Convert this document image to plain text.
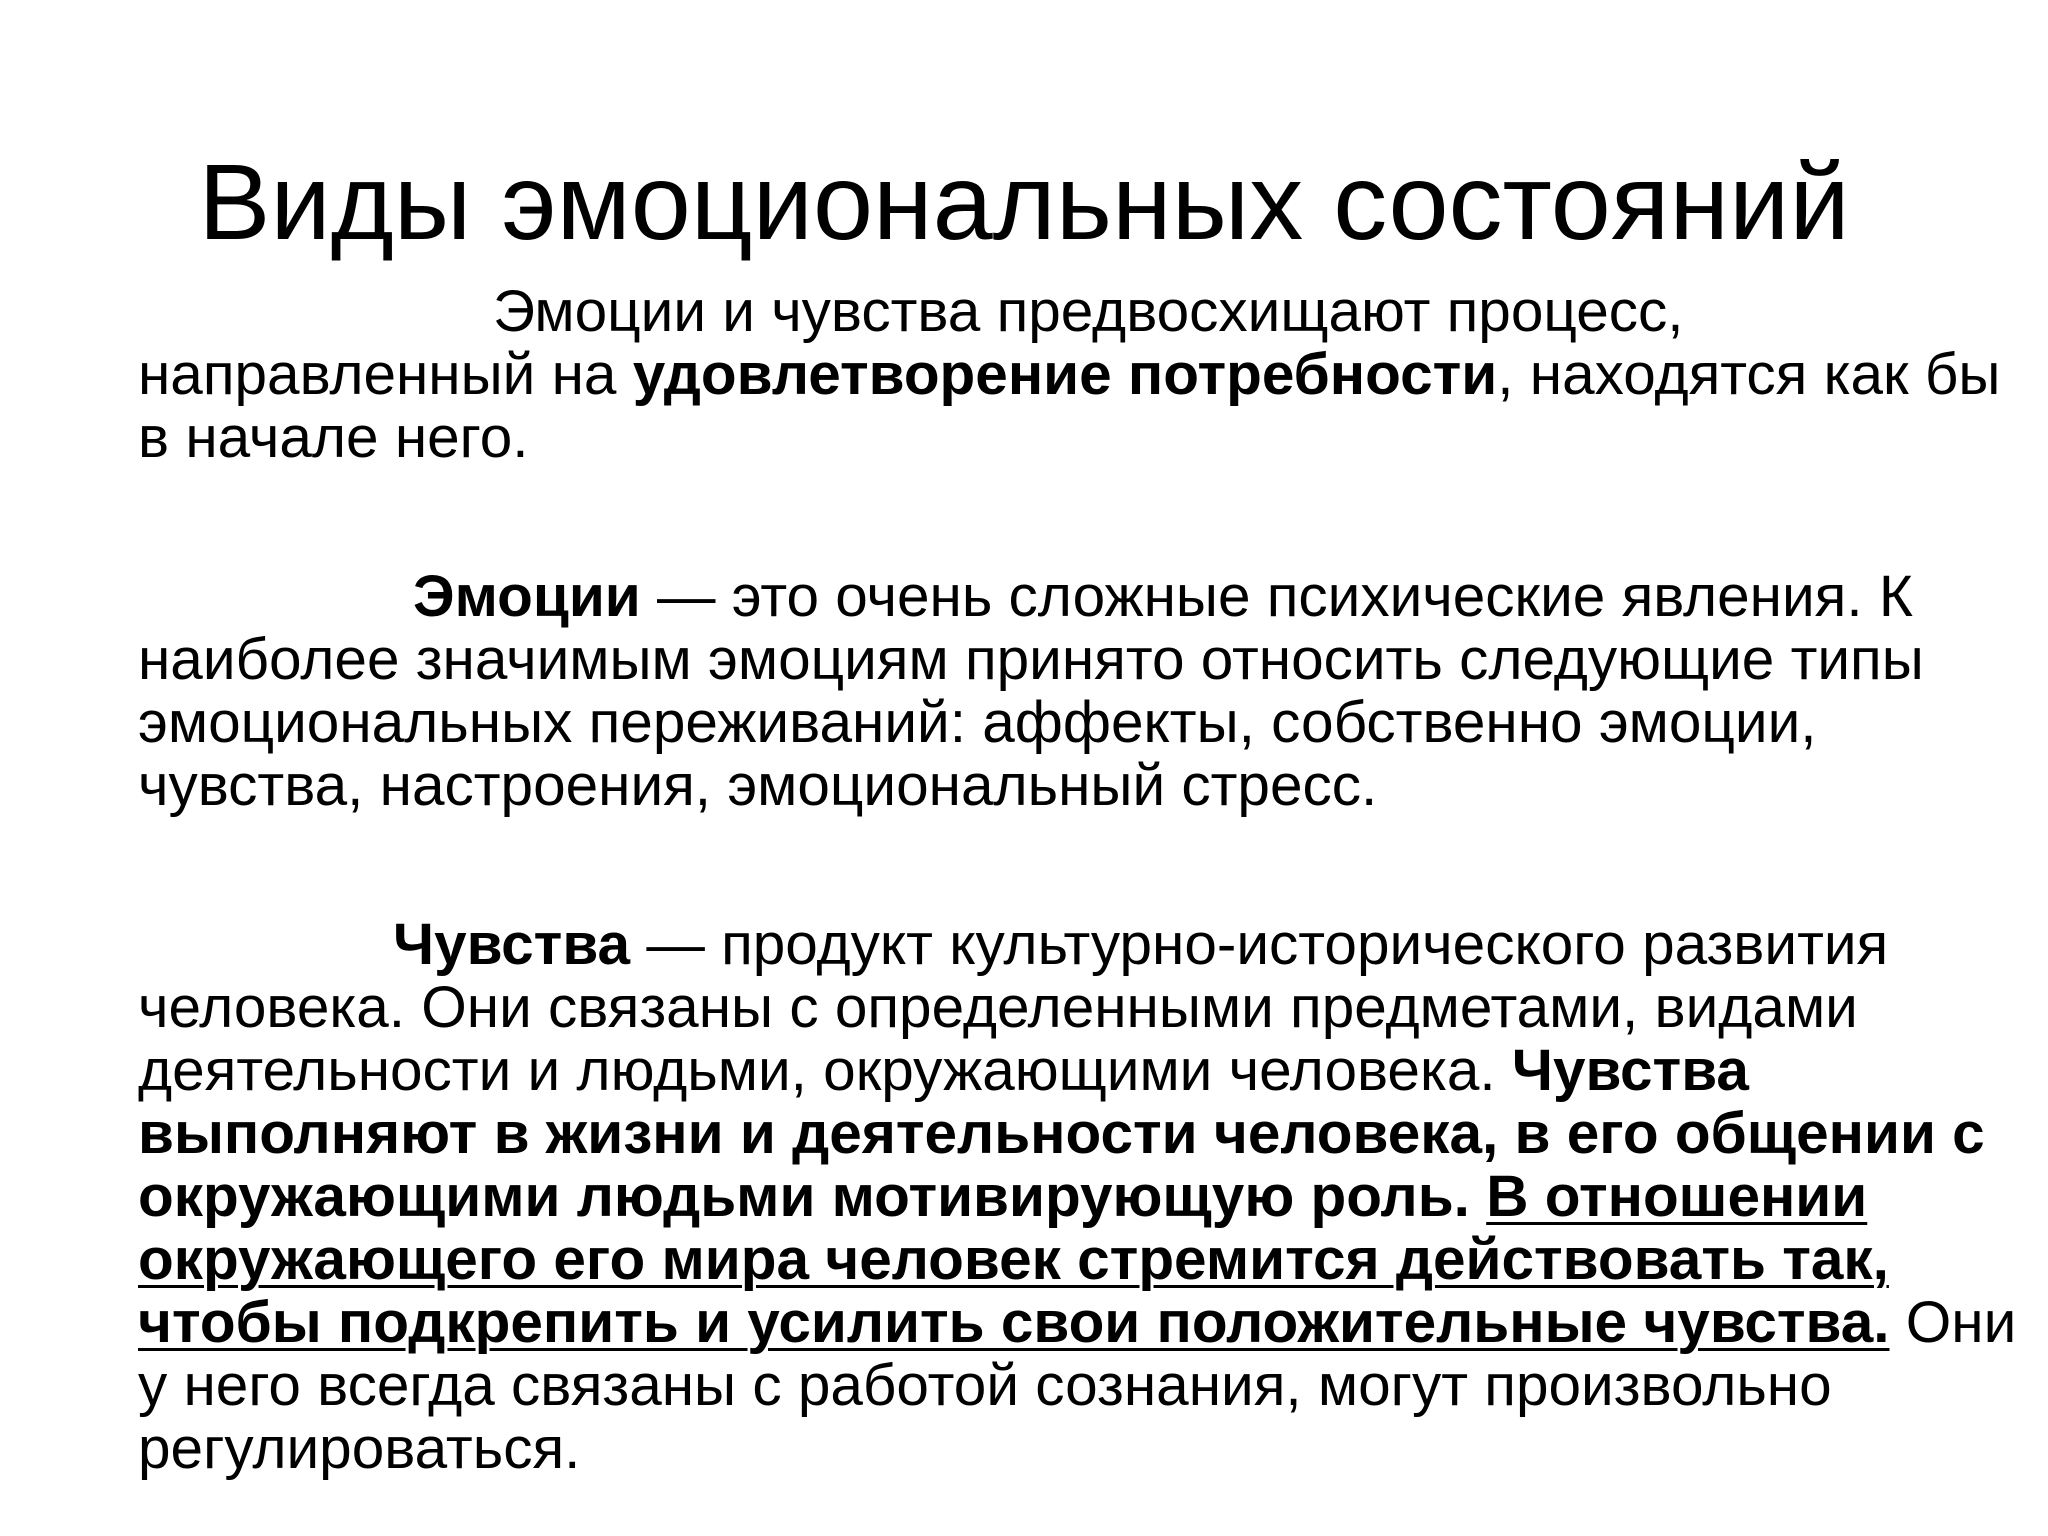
Виды эмоциональных состояний

Эмоции и чувства предвосхищают процесс, направленный на удовлетворение потребности, находятся как бы в начале него.

Эмоции — это очень сложные психические явления. К наиболее значимым эмоциям принято относить следующие типы эмоциональных переживаний: аффекты, собственно эмоции, чувства, настроения, эмоциональный стресс.

Чувства — продукт культурно-исторического развития человека. Они связаны с определенными предметами, видами деятельности и людьми, окружающими человека. Чувства выполняют в жизни и деятельности человека, в его общении с окружающими людьми мотивирующую роль. В отношении окружающего его мира человек стремится действовать так, чтобы подкрепить и усилить свои положительные чувства. Они у него всегда связаны с работой сознания, могут произвольно регулироваться.
